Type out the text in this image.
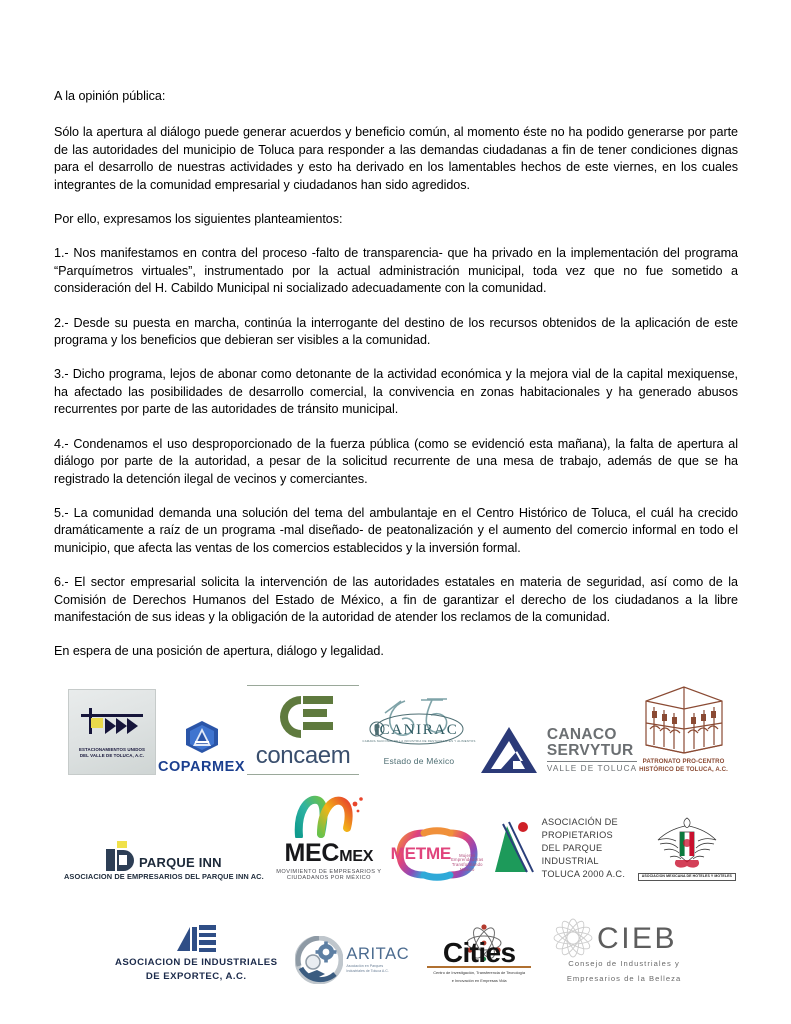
A la opinión pública:

Sólo la apertura al diálogo puede generar acuerdos y beneficio común, al momento éste no ha podido generarse por parte de las autoridades del municipio de Toluca para responder a las demandas ciudadanas a fin de tener condiciones dignas para el desarrollo de nuestras actividades y esto ha derivado en los lamentables hechos de este viernes, en los cuales integrantes de la comunidad empresarial y ciudadanos han sido agredidos.

Por ello, expresamos los siguientes planteamientos:

1.- Nos manifestamos en contra del proceso -falto de transparencia- que ha privado en la implementación del programa “Parquímetros virtuales”, instrumentado por la actual administración municipal, toda vez que no fue sometido a consideración del H. Cabildo Municipal ni socializado adecuadamente con la comunidad.

2.- Desde su puesta en marcha, continúa la interrogante del destino de los recursos obtenidos de la aplicación de este programa y los beneficios que debieran ser visibles a la comunidad.

3.- Dicho programa, lejos de abonar como detonante de la actividad económica y la mejora vial de la capital mexiquense, ha afectado las posibilidades de desarrollo comercial, la convivencia en zonas habitacionales y ha generado abusos recurrentes por parte de las autoridades de tránsito municipal.

4.- Condenamos el uso desproporcionado de la fuerza pública (como se evidenció esta mañana), la falta de apertura al diálogo por parte de la autoridad, a pesar de la solicitud recurrente de una mesa de trabajo, además de que se ha registrado la detención ilegal de vecinos y comerciantes.

5.- La comunidad demanda una solución del tema del ambulantaje en el Centro Histórico de Toluca, el cuál ha crecido dramáticamente a raíz de un programa -mal diseñado- de peatonalización y el aumento del comercio informal en todo el municipio, que afecta las ventas de los comercios establecidos y la inversión formal.

6.- El sector empresarial solicita la intervención de las autoridades estatales en materia de seguridad, así como de la Comisión de Derechos Humanos del Estado de México, a fin de garantizar el derecho de los ciudadanos a la libre manifestación de sus ideas y la obligación de la autoridad de atender los reclamos de la comunidad.

En espera de una posición de apertura, diálogo y legalidad.

ESTACIONAMIENTOS UNIDOS
DEL VALLE DE TOLUCA, A.C.
COPARMEX concaem
CANIRAC
CAMARA NACIONAL DE LA INDUSTRIA DE RESTAURANTES Y ALIMENTOS
Estado de México
CANACO
SERVYTUR
VALLE DE TOLUCA
PATRONATO PRO-CENTRO
HISTÓRICO DE TOLUCA, A.C.
PARQUE INN
ASOCIACION DE EMPRESARIOS DEL PARQUE INN AC.
MEC MEX
MOVIMIENTO DE EMPRESARIOS Y
CIUDADANOS POR MÉXICO
METME	Mujeres Emprendedoras Transformando México
ASOCIACIÓN DE
PROPIETARIOS
DEL PARQUE
INDUSTRIAL
TOLUCA 2000 A.C.	ASOCIACION MEXICANA DE HOTELES Y MOTELES
ASOCIACION DE INDUSTRIALES
DE EXPORTEC, A.C.
ARITAC
Asociación en Parques
Industriales de Toluca A.C.
Cities
Centro de Investigación, Transferencia de Tecnología
e Innovación en Empresas Vida
CIEB
Consejo de Industriales y
Empresarios de la Belleza
